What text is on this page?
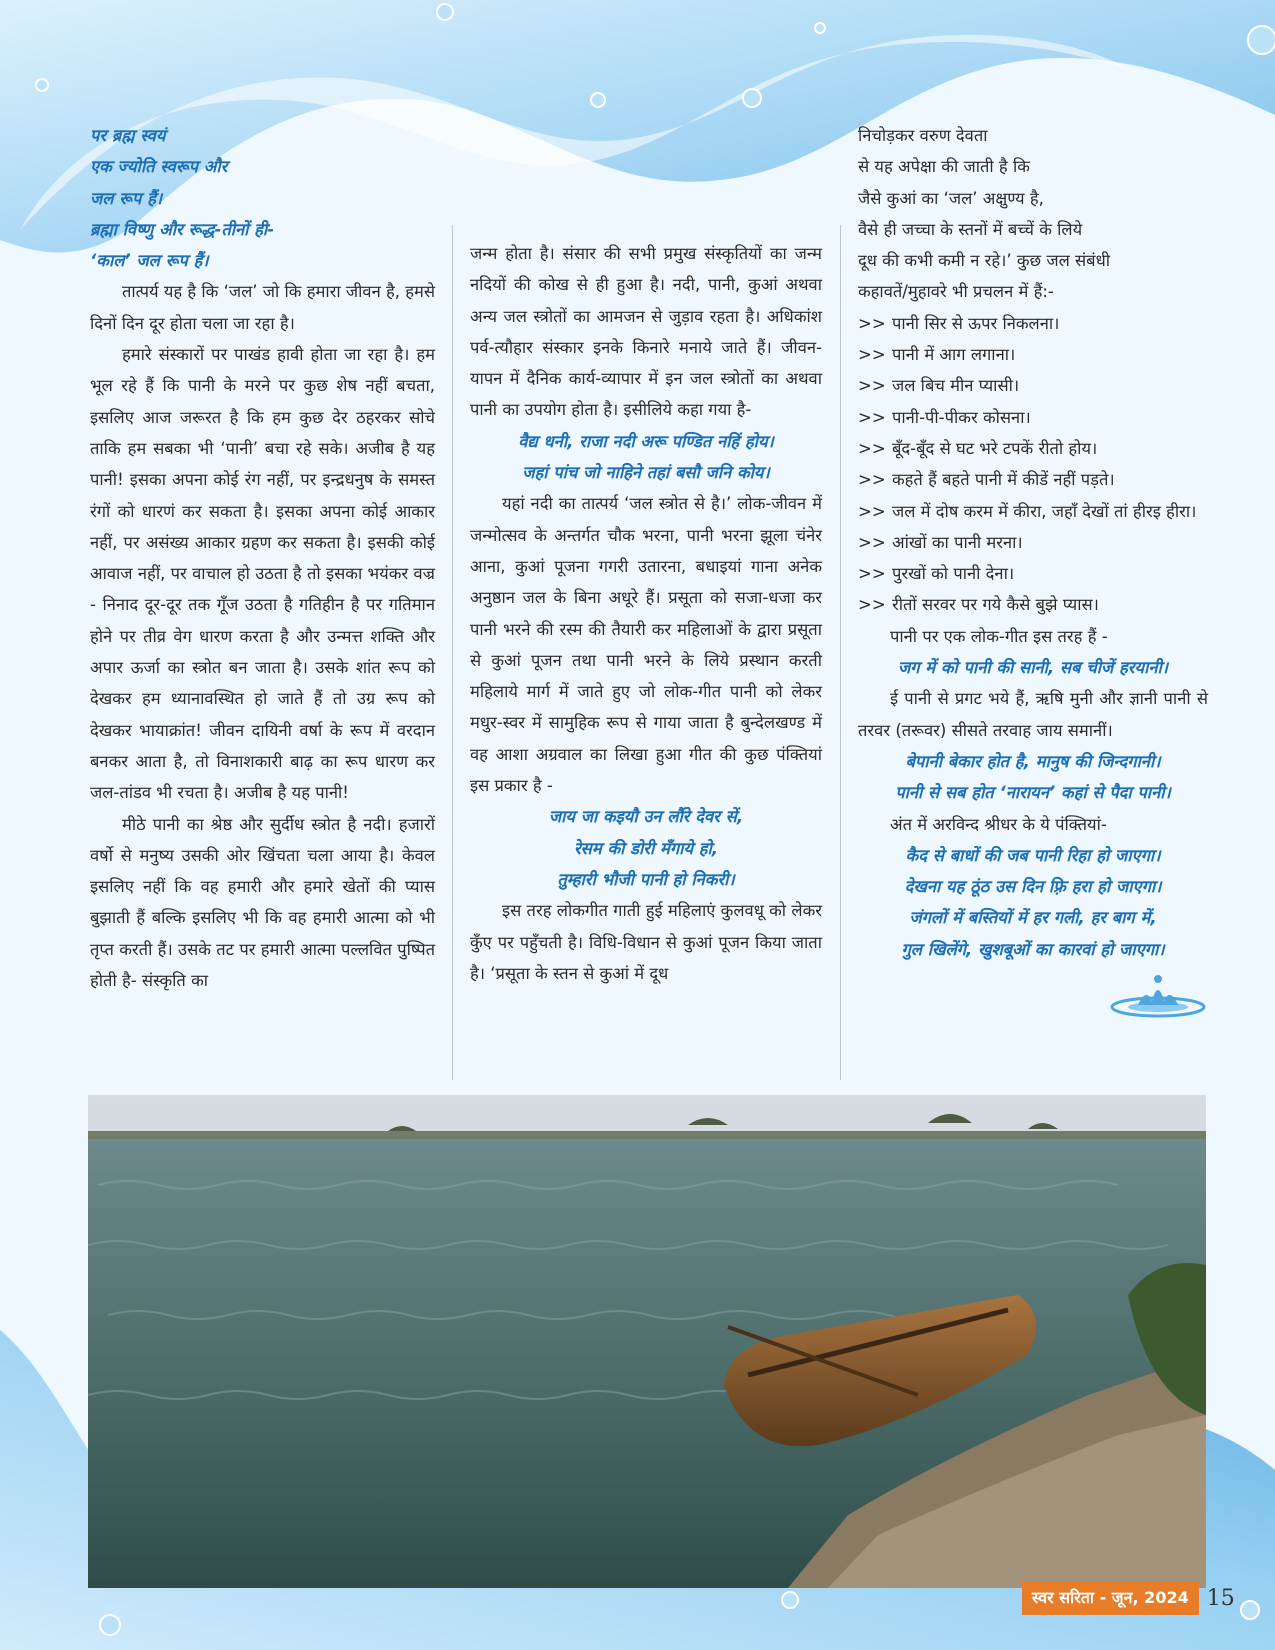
पर ब्रह्म स्वयं
एक ज्योति स्वरूप और
जल रूप हैं।
ब्रह्मा विष्णु और रूद्ध-तीनों ही-
‘काल’ जल रूप हैं।

तात्पर्य यह है कि ‘जल’ जो कि हमारा जीवन है, हमसे दिनों दिन दूर होता चला जा रहा है।

हमारे संस्कारों पर पाखंड हावी होता जा रहा है। हम भूल रहे हैं कि पानी के मरने पर कुछ शेष नहीं बचता, इसलिए आज जरूरत है कि हम कुछ देर ठहरकर सोचे ताकि हम सबका भी ‘पानी’ बचा रहे सके। अजीब है यह पानी! इसका अपना कोई रंग नहीं, पर इन्द्रधनुष के समस्त रंगों को धारणं कर सकता है। इसका अपना कोई आकार नहीं, पर असंख्य आकार ग्रहण कर सकता है। इसकी कोई आवाज नहीं, पर वाचाल हो उठता है तो इसका भयंकर वज्र - निनाद दूर-दूर तक गूँज उठता है गतिहीन है पर गतिमान होने पर तीव्र वेग धारण करता है और उन्मत्त शक्ति और अपार ऊर्जा का स्त्रोत बन जाता है। उसके शांत रूप को देखकर हम ध्यानावस्थित हो जाते हैं तो उग्र रूप को देखकर भायाक्रांत! जीवन दायिनी वर्षा के रूप में वरदान बनकर आता है, तो विनाशकारी बाढ़ का रूप धारण कर जल-तांडव भी रचता है। अजीब है यह पानी!

मीठे पानी का श्रेष्ठ और सुर्दीध स्त्रोत है नदी। हजारों वर्षो से मनुष्य उसकी ओर खिंचता चला आया है। केवल इसलिए नहीं कि वह हमारी और हमारे खेतों की प्यास बुझाती हैं बल्कि इसलिए भी कि वह हमारी आत्मा को भी तृप्त करती हैं। उसके तट पर हमारी आत्मा पल्लवित पुष्पित होती है- संस्कृति का

जन्म होता है। संसार की सभी प्रमुख संस्कृतियों का जन्म नदियों की कोख से ही हुआ है। नदी, पानी, कुआं अथवा अन्य जल स्त्रोतों का आमजन से जुड़ाव रहता है। अधिकांश पर्व-त्यौहार संस्कार इनके किनारे मनाये जाते हैं। जीवन-यापन में दैनिक कार्य-व्यापार में इन जल स्त्रोतों का अथवा पानी का उपयोग होता है। इसीलिये कहा गया है-

वैद्य धनी, राजा नदी अरू पण्डित नहिं होय।
जहां पांच जो नाहिने तहां बसौ जनि कोय।

यहां नदी का तात्पर्य ‘जल स्त्रोत से है।’ लोक-जीवन में जन्मोत्सव के अन्तर्गत चौक भरना, पानी भरना झूला चंनेर आना, कुआं पूजना गगरी उतारना, बधाइयां गाना अनेक अनुष्ठान जल के बिना अधूरे हैं। प्रसूता को सजा-धजा कर पानी भरने की रस्म की तैयारी कर महिलाओं के द्वारा प्रसूता से कुआं पूजन तथा पानी भरने के लिये प्रस्थान करती महिलाये मार्ग में जाते हुए जो लोक-गीत पानी को लेकर मधुर-स्वर में सामुहिक रूप से गाया जाता है बुन्देलखण्ड में वह आशा अग्रवाल का लिखा हुआ गीत की कुछ पंक्तियां इस प्रकार है -

जाय जा कइयौ उन लौंरे देवर सें,
रेसम की डोरी मँगाये हो,
तुम्हारी भौजी पानी हो निकरी।

इस तरह लोकगीत गाती हुई महिलाएं कुलवधू को लेकर कुँए पर पहुँचती है। विधि-विधान से कुआं पूजन किया जाता है। ‘प्रसूता के स्तन से कुआं में दूध

निचोड़कर वरुण देवता
से यह अपेक्षा की जाती है कि
जैसे कुआं का ‘जल’ अक्षुण्य है,
वैसे ही जच्चा के स्तनों में बच्चें के लिये
दूध की कभी कमी न रहे।’ कुछ जल संबंधी
कहावतें/मुहावरे भी प्रचलन में हैं:-
>> पानी सिर से ऊपर निकलना।
>> पानी में आग लगाना।
>> जल बिच मीन प्यासी।
>> पानी-पी-पीकर कोसना।
>> बूँद-बूँद से घट भरे टपकें रीतो होय।
>> कहते हैं बहते पानी में कीडें नहीं पड़ते।
>> जल में दोष करम में कीरा, जहाँ देखों तां हीरइ हीरा।
>> आंखों का पानी मरना।
>> पुरखों को पानी देना।
>> रीतों सरवर पर गये कैसे बुझे प्यास।

पानी पर एक लोक-गीत इस तरह हैं -

जग में को पानी की सानी, सब चीजें हरयानी।

ई पानी से प्रगट भये हैं, ऋषि मुनी और ज्ञानी पानी से तरवर (तरूवर) सीसते तरवाह जाय समानीं।

बेपानी बेकार होत है, मानुष की जिन्दगानी।
पानी से सब होत ‘नारायन’ कहां से पैदा पानी।

अंत में अरविन्द श्रीधर के ये पंक्तियां-

कैद से बाधों की जब पानी रिहा हो जाएगा।
देखना यह ठूंठ उस दिन फ़्रि हरा हो जाएगा।
जंगलों में बस्तियों में हर गली, हर बाग में,
गुल खिलेंगे, खुशबूओं का कारवां हो जाएगा।
स्वर सरिता - जून, 2024 15
